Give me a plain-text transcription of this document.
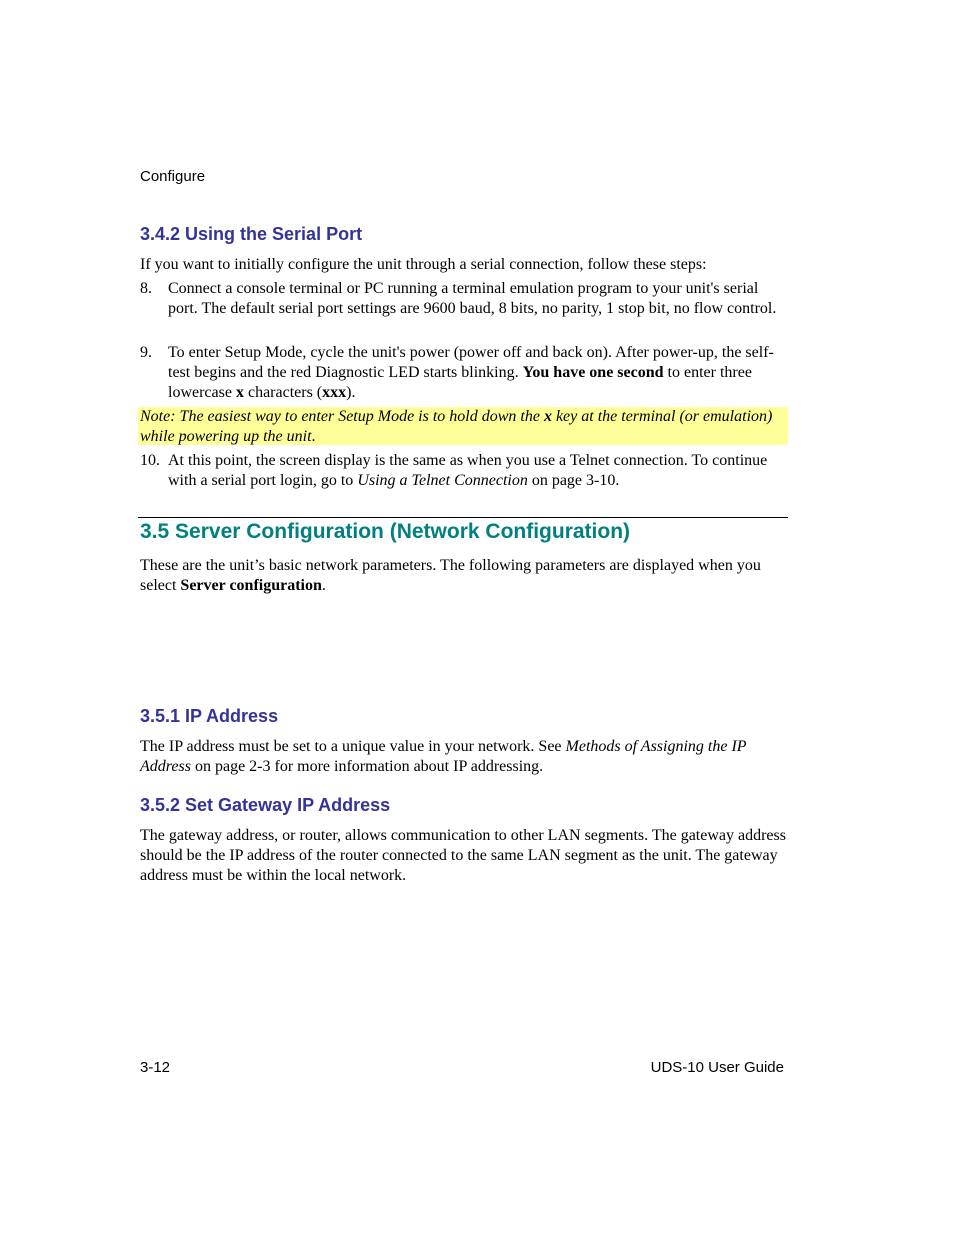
Configure
3.4.2 Using the Serial Port
If you want to initially configure the unit through a serial connection, follow these steps:
8. Connect a console terminal or PC running a terminal emulation program to your unit's serial port. The default serial port settings are 9600 baud, 8 bits, no parity, 1 stop bit, no flow control.
9. To enter Setup Mode, cycle the unit's power (power off and back on). After power-up, the self-test begins and the red Diagnostic LED starts blinking. You have one second to enter three lowercase x characters (xxx).
Note: The easiest way to enter Setup Mode is to hold down the x key at the terminal (or emulation) while powering up the unit.
10. At this point, the screen display is the same as when you use a Telnet connection. To continue with a serial port login, go to Using a Telnet Connection on page 3-10.
3.5 Server Configuration (Network Configuration)
These are the unit’s basic network parameters. The following parameters are displayed when you select Server configuration.
3.5.1 IP Address
The IP address must be set to a unique value in your network. See Methods of Assigning the IP Address on page 2-3 for more information about IP addressing.
3.5.2 Set Gateway IP Address
The gateway address, or router, allows communication to other LAN segments. The gateway address should be the IP address of the router connected to the same LAN segment as the unit. The gateway address must be within the local network.
3-12	UDS-10 User Guide
